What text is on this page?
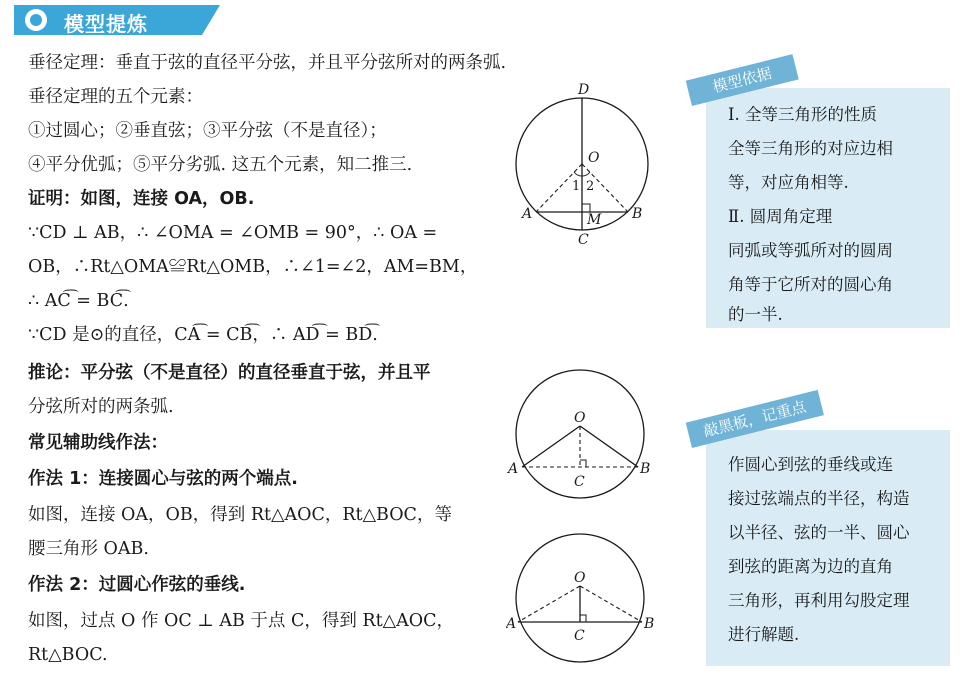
模型提炼
垂径定理：垂直于弦的直径平分弦，并且平分弦所对的两条弧.
垂径定理的五个元素：
①过圆心；②垂直弦；③平分弦（不是直径）；
④平分优弧；⑤平分劣弧. 这五个元素，知二推三.
证明：如图，连接 OA，OB.
∵CD ⊥ AB，∴ ∠OMA = ∠OMB = 90°，∴ OA =
OB，∴Rt△OMA≌Rt△OMB，∴∠1=∠2，AM=BM，
∴ AC͡ = BC͡.
∵CD 是⊙的直径，CA͡ = CB͡，∴ AD͡ = BD͡.
推论：平分弦（不是直径）的直径垂直于弦，并且平
分弦所对的两条弧.
常见辅助线作法：
作法 1：连接圆心与弦的两个端点.
如图，连接 OA，OB，得到 Rt△AOC，Rt△BOC，等
腰三角形 OAB.
作法 2：过圆心作弦的垂线.
如图，过点 O 作 OC ⊥ AB 于点 C，得到 Rt△AOC，
Rt△BOC.
D
O
A	B
M
C
1 2
O
A	B
C
O
A	B
C
模型依据
Ⅰ. 全等三角形的性质
全等三角形的对应边相
等，对应角相等.
Ⅱ. 圆周角定理
同弧或等弧所对的圆周
角等于它所对的圆心角
的一半.
敲黑板，记重点
作圆心到弦的垂线或连
接过弦端点的半径，构造
以半径、弦的一半、圆心
到弦的距离为边的直角
三角形，再利用勾股定理
进行解题.
